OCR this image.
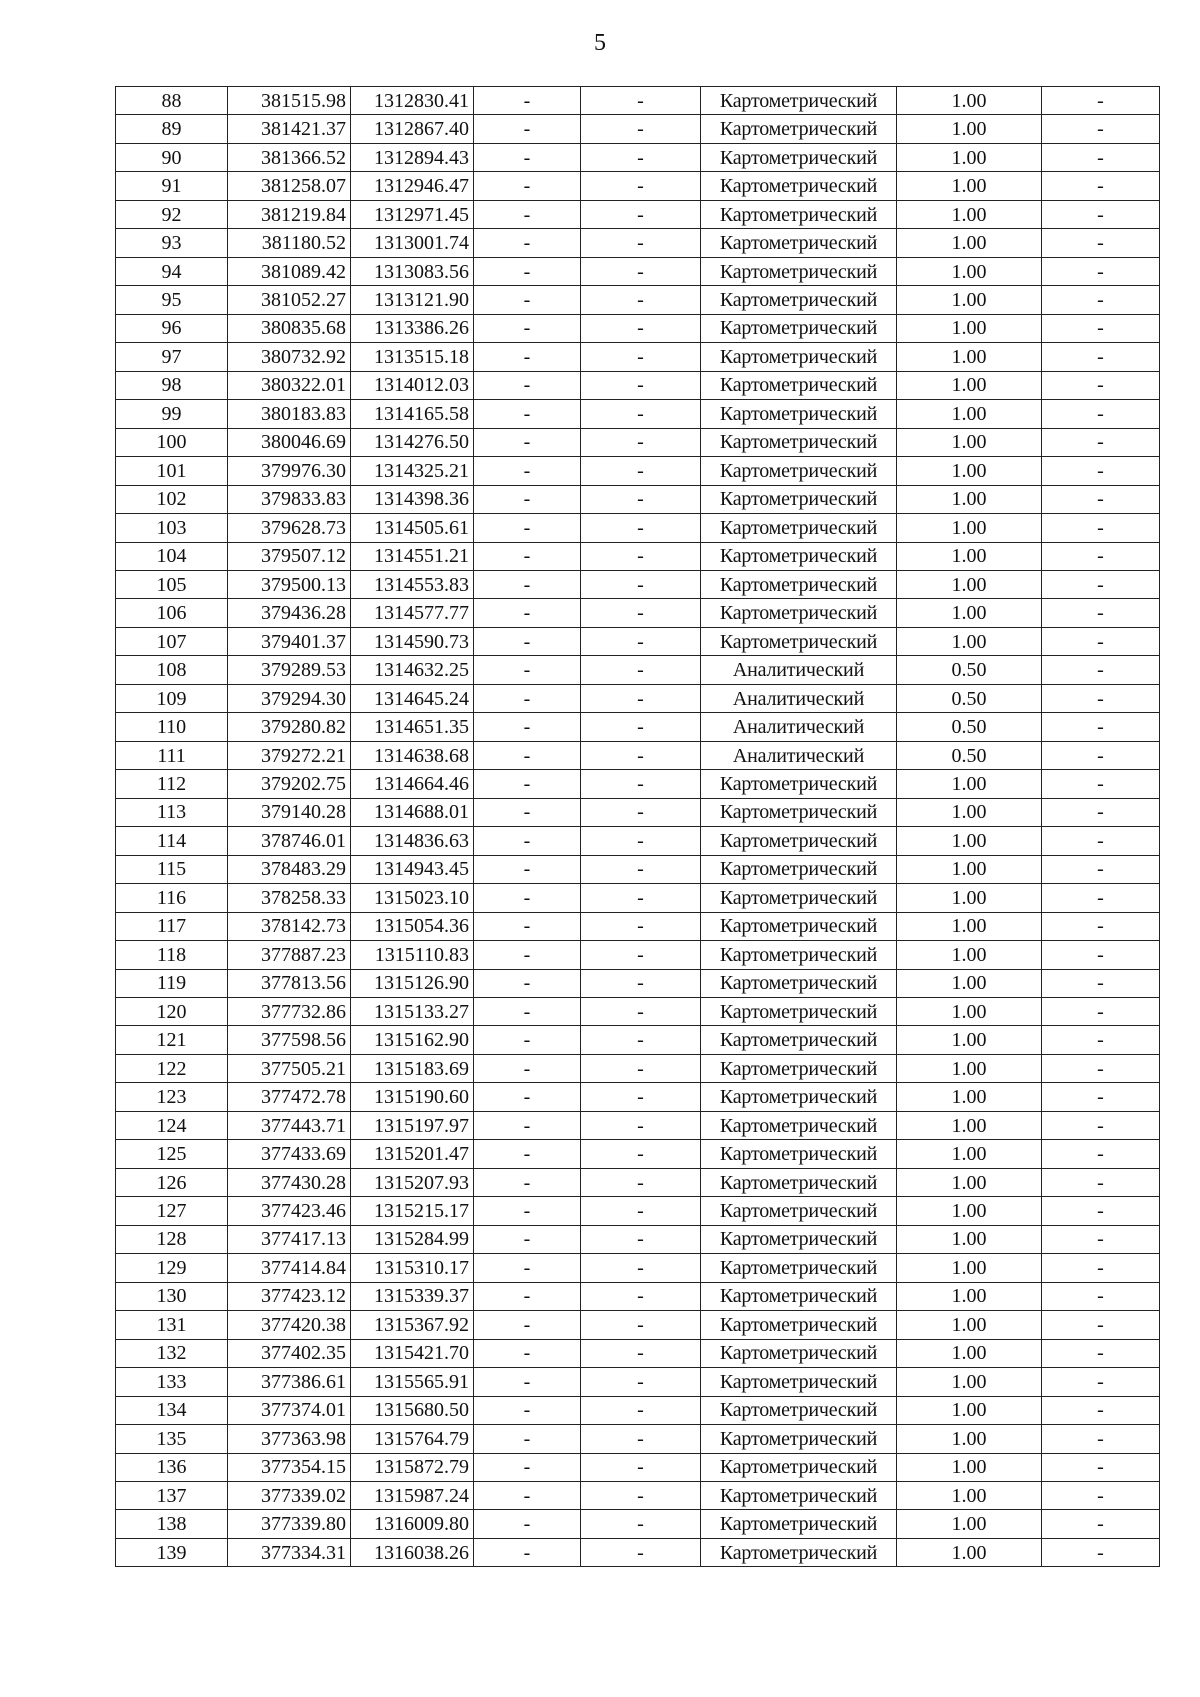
5
88	381515.98	1312830.41	-	-	Картометрический	1.00	-
89	381421.37	1312867.40	-	-	Картометрический	1.00	-
90	381366.52	1312894.43	-	-	Картометрический	1.00	-
91	381258.07	1312946.47	-	-	Картометрический	1.00	-
92	381219.84	1312971.45	-	-	Картометрический	1.00	-
93	381180.52	1313001.74	-	-	Картометрический	1.00	-
94	381089.42	1313083.56	-	-	Картометрический	1.00	-
95	381052.27	1313121.90	-	-	Картометрический	1.00	-
96	380835.68	1313386.26	-	-	Картометрический	1.00	-
97	380732.92	1313515.18	-	-	Картометрический	1.00	-
98	380322.01	1314012.03	-	-	Картометрический	1.00	-
99	380183.83	1314165.58	-	-	Картометрический	1.00	-
100	380046.69	1314276.50	-	-	Картометрический	1.00	-
101	379976.30	1314325.21	-	-	Картометрический	1.00	-
102	379833.83	1314398.36	-	-	Картометрический	1.00	-
103	379628.73	1314505.61	-	-	Картометрический	1.00	-
104	379507.12	1314551.21	-	-	Картометрический	1.00	-
105	379500.13	1314553.83	-	-	Картометрический	1.00	-
106	379436.28	1314577.77	-	-	Картометрический	1.00	-
107	379401.37	1314590.73	-	-	Картометрический	1.00	-
108	379289.53	1314632.25	-	-	Аналитический	0.50	-
109	379294.30	1314645.24	-	-	Аналитический	0.50	-
110	379280.82	1314651.35	-	-	Аналитический	0.50	-
111	379272.21	1314638.68	-	-	Аналитический	0.50	-
112	379202.75	1314664.46	-	-	Картометрический	1.00	-
113	379140.28	1314688.01	-	-	Картометрический	1.00	-
114	378746.01	1314836.63	-	-	Картометрический	1.00	-
115	378483.29	1314943.45	-	-	Картометрический	1.00	-
116	378258.33	1315023.10	-	-	Картометрический	1.00	-
117	378142.73	1315054.36	-	-	Картометрический	1.00	-
118	377887.23	1315110.83	-	-	Картометрический	1.00	-
119	377813.56	1315126.90	-	-	Картометрический	1.00	-
120	377732.86	1315133.27	-	-	Картометрический	1.00	-
121	377598.56	1315162.90	-	-	Картометрический	1.00	-
122	377505.21	1315183.69	-	-	Картометрический	1.00	-
123	377472.78	1315190.60	-	-	Картометрический	1.00	-
124	377443.71	1315197.97	-	-	Картометрический	1.00	-
125	377433.69	1315201.47	-	-	Картометрический	1.00	-
126	377430.28	1315207.93	-	-	Картометрический	1.00	-
127	377423.46	1315215.17	-	-	Картометрический	1.00	-
128	377417.13	1315284.99	-	-	Картометрический	1.00	-
129	377414.84	1315310.17	-	-	Картометрический	1.00	-
130	377423.12	1315339.37	-	-	Картометрический	1.00	-
131	377420.38	1315367.92	-	-	Картометрический	1.00	-
132	377402.35	1315421.70	-	-	Картометрический	1.00	-
133	377386.61	1315565.91	-	-	Картометрический	1.00	-
134	377374.01	1315680.50	-	-	Картометрический	1.00	-
135	377363.98	1315764.79	-	-	Картометрический	1.00	-
136	377354.15	1315872.79	-	-	Картометрический	1.00	-
137	377339.02	1315987.24	-	-	Картометрический	1.00	-
138	377339.80	1316009.80	-	-	Картометрический	1.00	-
139	377334.31	1316038.26	-	-	Картометрический	1.00	-
